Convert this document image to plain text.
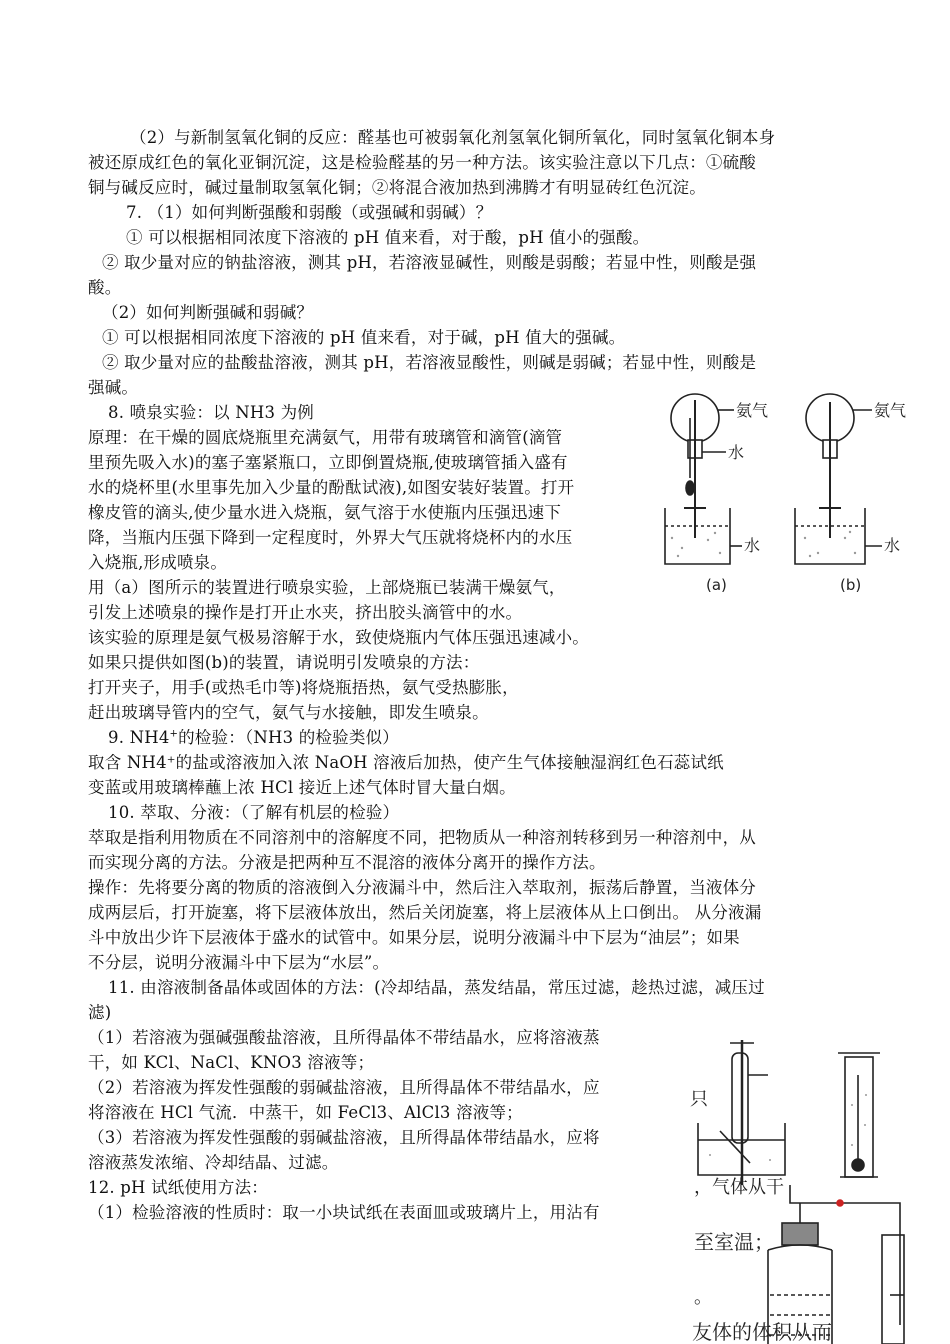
（2）与新制氢氧化铜的反应：醛基也可被弱氧化剂氢氧化铜所氧化，同时氢氧化铜本身
被还原成红色的氧化亚铜沉淀，这是检验醛基的另一种方法。该实验注意以下几点：①硫酸
铜与碱反应时，碱过量制取氢氧化铜；②将混合液加热到沸腾才有明显砖红色沉淀。
7. （1）如何判断强酸和弱酸（或强碱和弱碱）？
① 可以根据相同浓度下溶液的 pH 值来看，对于酸，pH 值小的强酸。
② 取少量对应的钠盐溶液，测其 pH，若溶液显碱性，则酸是弱酸；若显中性，则酸是强
酸。
（2）如何判断强碱和弱碱？
① 可以根据相同浓度下溶液的 pH 值来看，对于碱，pH 值大的强碱。
② 取少量对应的盐酸盐溶液，测其 pH，若溶液显酸性，则碱是弱碱；若显中性，则酸是
强碱。
8. 喷泉实验：以 NH3 为例
原理：在干燥的圆底烧瓶里充满氨气，用带有玻璃管和滴管(滴管
里预先吸入水)的塞子塞紧瓶口，立即倒置烧瓶,使玻璃管插入盛有
水的烧杯里(水里事先加入少量的酚酞试液),如图安装好装置。打开
橡皮管的滴头,使少量水进入烧瓶，氨气溶于水使瓶内压强迅速下
降，当瓶内压强下降到一定程度时，外界大气压就将烧杯内的水压
入烧瓶,形成喷泉。
用（a）图所示的装置进行喷泉实验，上部烧瓶已装满干燥氨气，
引发上述喷泉的操作是打开止水夹，挤出胶头滴管中的水。
该实验的原理是氨气极易溶解于水，致使烧瓶内气体压强迅速减小。
如果只提供如图(b)的装置，请说明引发喷泉的方法：
打开夹子，用手(或热毛巾等)将烧瓶捂热，氨气受热膨胀，
赶出玻璃导管内的空气，氨气与水接触，即发生喷泉。
氨气
水
水
氨气
水
(a)	(b)
9. NH4+的检验：（NH3 的检验类似）
取含 NH4⁺的盐或溶液加入浓 NaOH 溶液后加热，使产生气体接触湿润红色石蕊试纸
变蓝或用玻璃棒蘸上浓 HCl 接近上述气体时冒大量白烟。
10. 萃取、分液：（了解有机层的检验）
萃取是指利用物质在不同溶剂中的溶解度不同，把物质从一种溶剂转移到另一种溶剂中，从
而实现分离的方法。分液是把两种互不混溶的液体分离开的操作方法。
操作：先将要分离的物质的溶液倒入分液漏斗中，然后注入萃取剂，振荡后静置，当液体分
成两层后，打开旋塞，将下层液体放出，然后关闭旋塞，将上层液体从上口倒出。 从分液漏
斗中放出少许下层液体于盛水的试管中。如果分层，说明分液漏斗中下层为“油层”；如果
不分层，说明分液漏斗中下层为“水层”。
11. 由溶液制备晶体或固体的方法：(冷却结晶，蒸发结晶，常压过滤，趁热过滤，减压过
滤)
（1）若溶液为强碱强酸盐溶液，且所得晶体不带结晶水，应将溶液蒸
干，如 KCl、NaCl、KNO3 溶液等；
（2）若溶液为挥发性强酸的弱碱盐溶液，且所得晶体不带结晶水，应
将溶液在 HCl 气流．中蒸干，如 FeCl3、AlCl3 溶液等；
（3）若溶液为挥发性强酸的弱碱盐溶液，且所得晶体带结晶水，应将
溶液蒸发浓缩、冷却结晶、过滤。
12. pH 试纸使用方法：
（1）检验溶液的性质时：取一小块试纸在表面皿或玻璃片上，用沾有
只
，气体从干
至室温；
。
友体的体积从而
